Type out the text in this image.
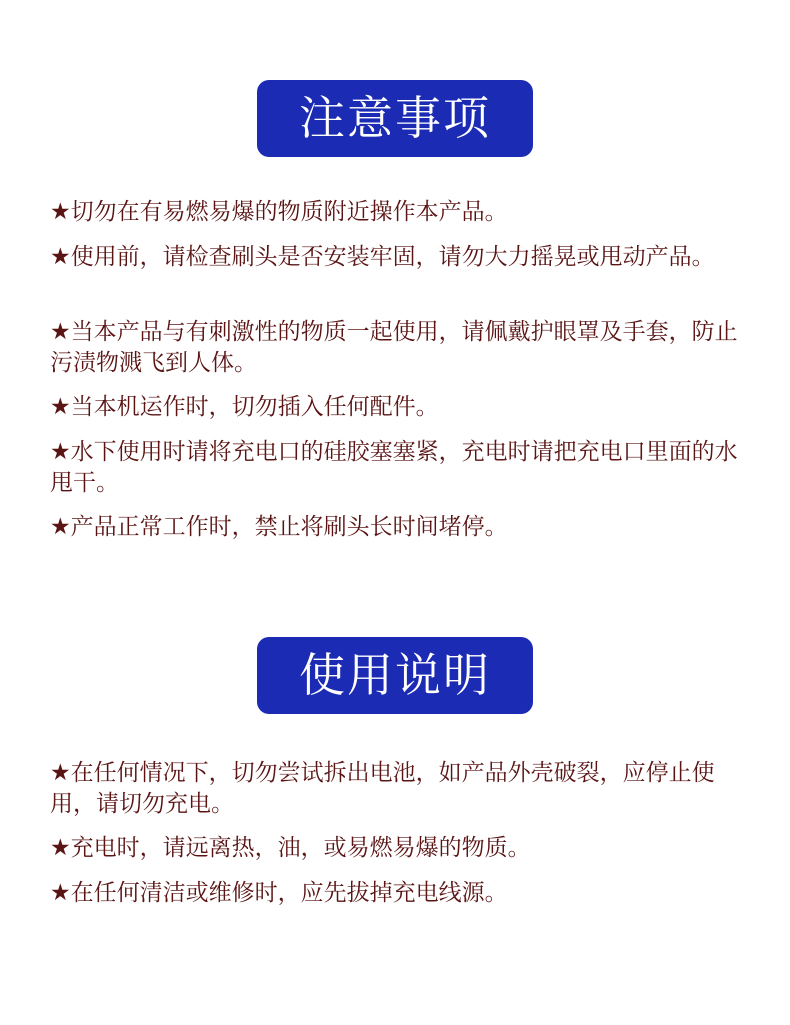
注意事项

★切勿在有易燃易爆的物质附近操作本产品。

★使用前，请检查刷头是否安装牢固，请勿大力摇晃或甩动产品。

★当本产品与有刺激性的物质一起使用，请佩戴护眼罩及手套，防止污渍物溅飞到人体。

★当本机运作时，切勿插入任何配件。

★水下使用时请将充电口的硅胶塞塞紧，充电时请把充电口里面的水甩干。

★产品正常工作时，禁止将刷头长时间堵停。

使用说明

★在任何情况下，切勿尝试拆出电池，如产品外壳破裂，应停止使用，请切勿充电。

★充电时，请远离热，油，或易燃易爆的物质。

★在任何清洁或维修时，应先拔掉充电线源。
